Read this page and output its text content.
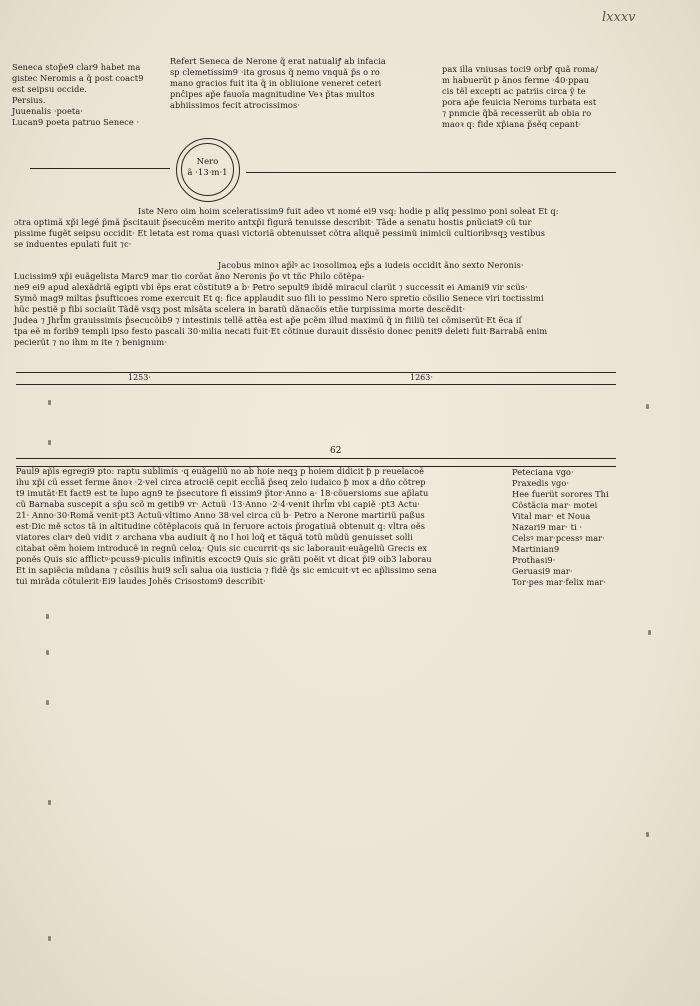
lxxxv
Seneca stop̃e9 clar9 habet ma
gistec Neromis a q̃ post coact9
est seipsu occide.
Persius.
Juuenalis ·poeta·
Lucan9 poeta patruo Senece ·
Refert Seneca de Nerone q̃ erat natualiꝭ ab infacia
sp clemetissim9 ·ita grosus q̃ nemo vnquã p̃s o ro
mano gracios fuit ita q̃ in obliuione veneret ceteri
pnĉipes ap̃e fauoĩa magnitudine Veꝛ p̃tas multos
abhiissimos fecit atrocissimos·
pax illa vniusas toci9 orbꝭ quã roma/
m habuerüt p ãnos ferme ·40·ppau
cis tẽl excepti ac patriis circa ỹ te
pora ap̃e feuicia Neroms turbata est
⁊ pnmcie q̃bã recesserüt ab obia ro
maoꝛ q: fide xp̃iana p̃sẽq cepant·
Nero
ã ·13·m·1
Iste Nero oim hoim sceleratissim9 fuit adeo vt nomé ei9 vsq: hodie p alĩq pessimo poni soleat Et q:
ɔtra optimã xp̃i legé p̃mã p̃scitauit p̃secucẽm merito antxp̃i figurã tenuisse describit· Tãde a senatu hostis ꝑnũciat9 cü tur
pissime fugẽt seipsu occidit· Et letata est roma quasi victoriã obtenuisset cõtra aliquẽ pessimũ inimicü cultioribꝰsqꝫ vestibus
se induentes epulati fuit ⁊c·
Jacobus minoꝛ ap̃lꝰ ac iꝛosolimoꝝ ep̃s a iudeis occidit ãno sexto Neronis·
Lucissim9 xp̃i euãgelista Marc9 mar tio corõat ãno Neronis p̃o vt tñc Philo cõtẽpa-
ne9 ei9 apud alexãdriã egipti vbi ẽps erat cõstitut9 a b· Petro sepult9 ibidẽ miracul clarüt ⁊ successit ei Amani9 vir scüs·
Symõ mag9 miltas p̃sufticoes rome exercuit Et q: fice applaudit suo fili io pessimo Nero spretio cõsilio Senece viri toctissimi
hũc pestiẽ p fibi sociaüt Tãdẽ vsqꝫ post mĩsãta scelera in baratũ dãnacõis etñe turpissima morte descẽdit·
Judea ⁊ Jhrl̃m grauissimis p̃secucõib9 ⁊ intestinis tellẽ attẽa est ap̃e pcẽm illud maximü q̃ in fiiliũ tei cõmiserüt·Et ẽca iſ
tpa eẽ m forib9 templi ipso festo pascali 30·milia necati fuit·Et cõtinue durauit dissẽsio donec penit9 deleti fuit·Barrabã enim
pecierüt ⁊ no ihm m ite ⁊ benignum·
1253·	1263·
62
Paul9 ap̃ls egregi9 pto: raptu sublimis ·q euãgeliũ no ab hoie neqꝫ p hoiem didicit ꝥ p reuelacoẽ
ihu xp̃i cü esset ferme ãnoꝛ ·2·vel circa atrociẽ cepit eccl̃iã p̃seq zelo iudaico ꝥ mox a dño cõtrep
t9 imutãt·Et fact9 est te lupo agn9 te p̃secutore fi ɇissim9 p̃tor·Anno a· 18·cõuersioms sue ap̃latu
cü Barnaba suscepit a sp̃u scõ m getib9 vr· Actuü ·13·Anno ·2·4·venit ihrl̃m vbi capiẽ ·pt3 Actu·
21· Anno·30·Romã venit·pt3 Actuü·vltimo Anno 38·vel circa cü b· Petro a Nerone martiriũ paßus
est·Dic mẽ sctos tã in altitudine cõtẽplacois quã in feruore actois p̃rogatiuã obtenuit q: vltra oẽs
viatores clarꝰ deũ vidit ⁊ archana vba audiuit q̃ no ꝉ hoi loq̃ et tãquã totũ mũdũ genuisset solli
citabat oẽm hoiem introducẽ in regnũ celoꝝ· Quis sic cucurrit·qs sic laborauit·euãgeliũ Grecis ex
ponẽs Quis sic afflictꝰ·pcuss9·piculis infinitis excoct9 Quis sic grãti poëit vt dicat p̃i9 oib3 laborau
Et in sapiẽcia mũdana ⁊ cõsiliis hui9 scl̃i salua oia iusticia ⁊ fidẽ q̃s sic emicuit·vt ec ap̃lissimo sena
tui mirãda cõtulerit·Ei9 laudes Johẽs Crisostom9 describit·
Peteciana vgo·
Praxedis vgo·
Hee fuerüt sorores Thi
Cõstãcia mar· motei
Vital mar· et Noua
Nazari9 mar· ti ·
Celsꝰ mar·pcessꝰ mar·
Martinian9
Prothasi9·
Geruasi9 mar·
Tor·pes mar·felix mar·
